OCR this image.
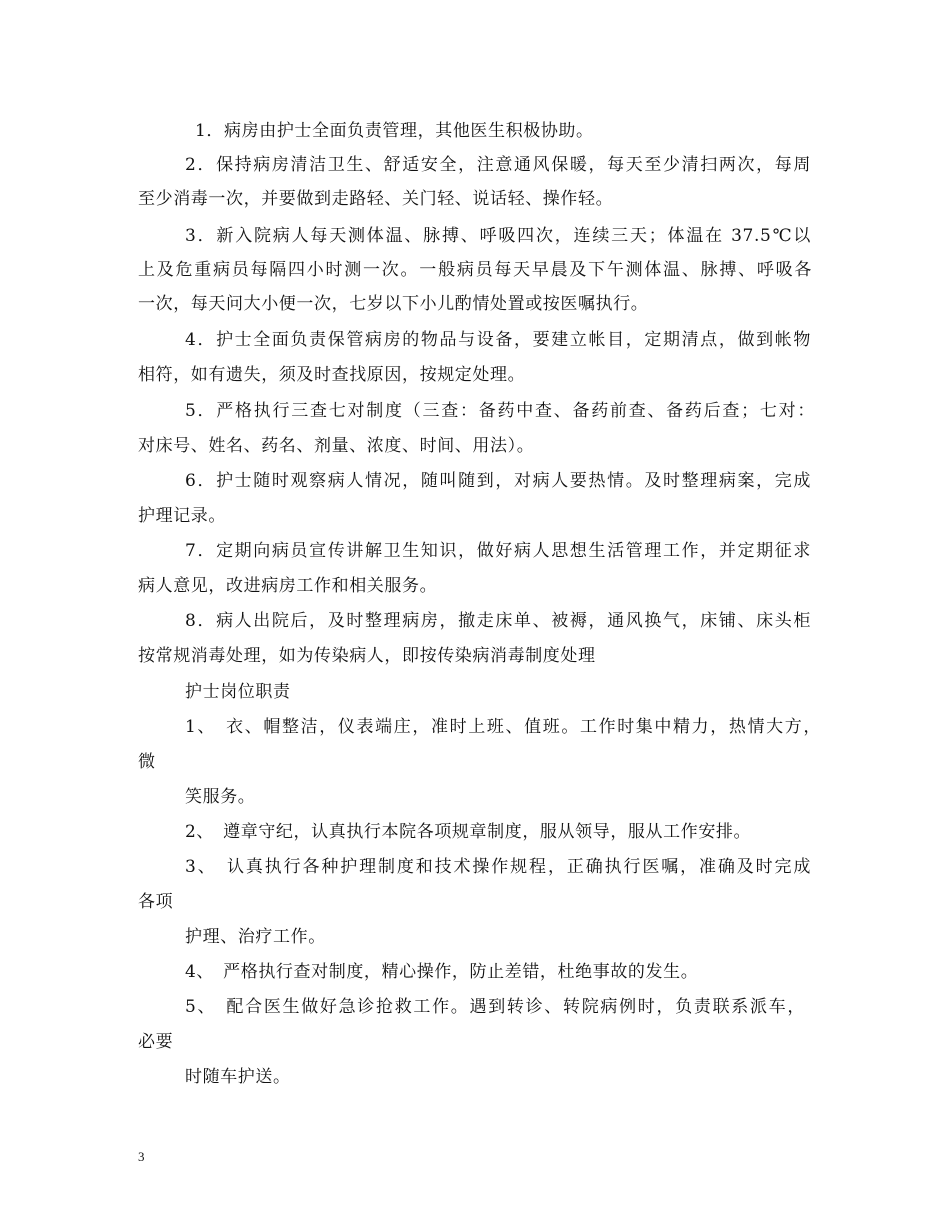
1．病房由护士全面负责管理，其他医生积极协助。
2．保持病房清洁卫生、舒适安全，注意通风保暖，每天至少清扫两次，每周
至少消毒一次，并要做到走路轻、关门轻、说话轻、操作轻。
3．新入院病人每天测体温、脉搏、呼吸四次，连续三天；体温在 37.5℃以
上及危重病员每隔四小时测一次。一般病员每天早晨及下午测体温、脉搏、呼吸各
一次，每天问大小便一次，七岁以下小儿酌情处置或按医嘱执行。
4．护士全面负责保管病房的物品与设备，要建立帐目，定期清点，做到帐物
相符，如有遗失，须及时查找原因，按规定处理。
5．严格执行三查七对制度（三查：备药中查、备药前查、备药后查；七对：
对床号、姓名、药名、剂量、浓度、时间、用法）。
6．护士随时观察病人情况，随叫随到，对病人要热情。及时整理病案，完成
护理记录。
7．定期向病员宣传讲解卫生知识，做好病人思想生活管理工作，并定期征求
病人意见，改进病房工作和相关服务。
8．病人出院后，及时整理病房，撤走床单、被褥，通风换气，床铺、床头柜
按常规消毒处理，如为传染病人，即按传染病消毒制度处理
护士岗位职责
1、　衣、帽整洁，仪表端庄，准时上班、值班。工作时集中精力，热情大方，
微
笑服务。
2、　遵章守纪，认真执行本院各项规章制度，服从领导，服从工作安排。
3、　认真执行各种护理制度和技术操作规程，正确执行医嘱，准确及时完成
各项
护理、治疗工作。
4、　严格执行查对制度，精心操作，防止差错，杜绝事故的发生。
5、　配合医生做好急诊抢救工作。遇到转诊、转院病例时，负责联系派车，
必要
时随车护送。
3
